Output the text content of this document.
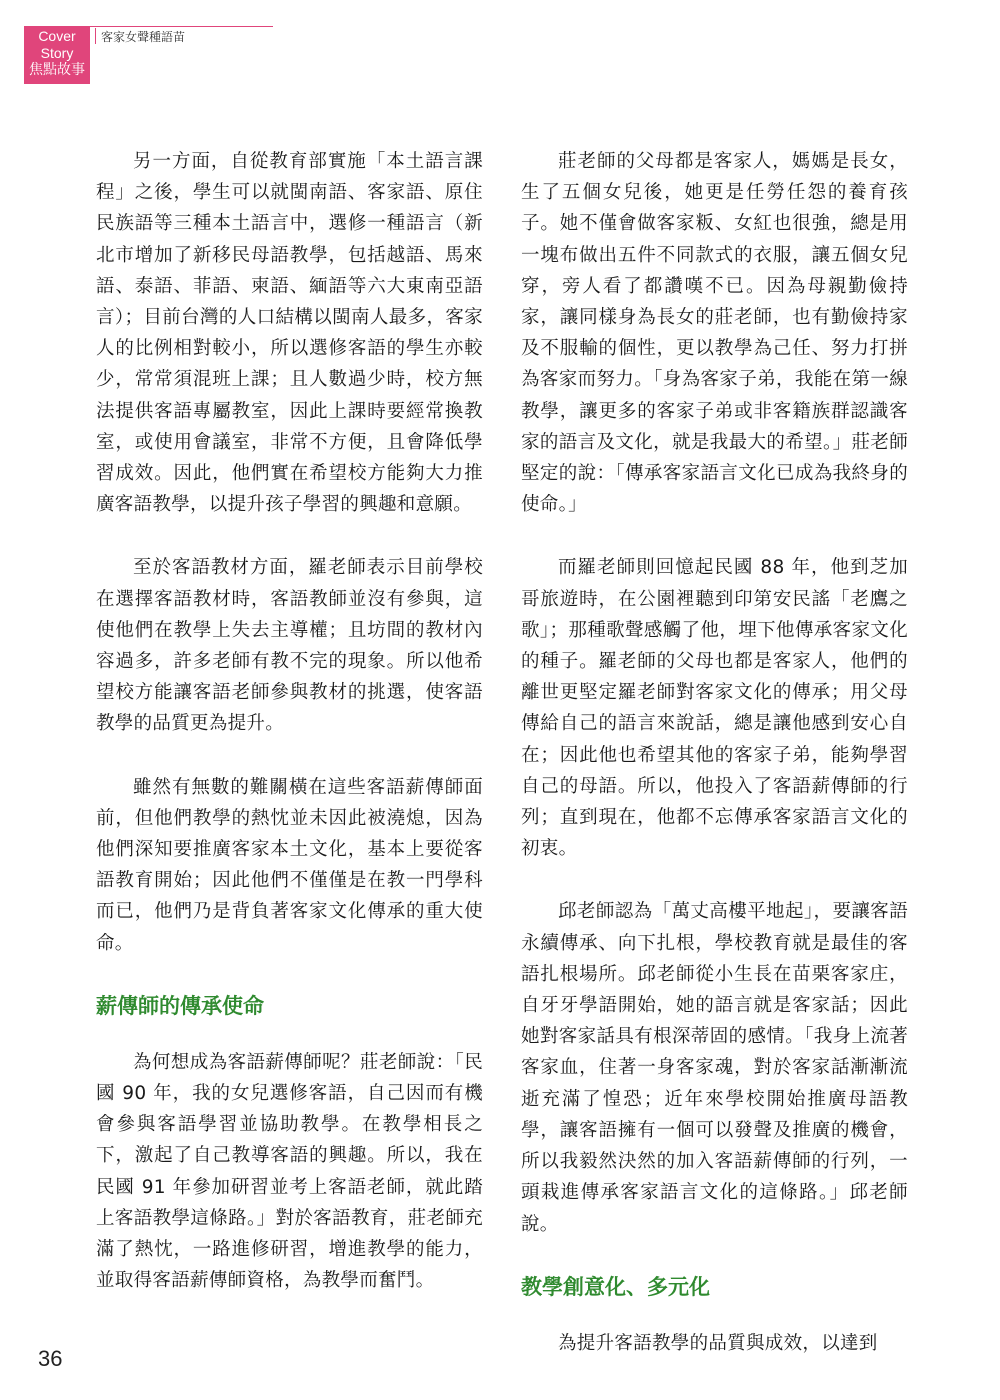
Cover
Story
焦點故事
客家女聲種語苗

另一方面，自從教育部實施「本土語言課程」之後，學生可以就閩南語、客家語、原住民族語等三種本土語言中，選修一種語言（新北市增加了新移民母語教學，包括越語、馬來語、泰語、菲語、柬語、緬語等六大東南亞語言）；目前台灣的人口結構以閩南人最多，客家人的比例相對較小，所以選修客語的學生亦較少，常常須混班上課；且人數過少時，校方無法提供客語專屬教室，因此上課時要經常換教室，或使用會議室，非常不方便，且會降低學習成效。因此，他們實在希望校方能夠大力推廣客語教學，以提升孩子學習的興趣和意願。

至於客語教材方面，羅老師表示目前學校在選擇客語教材時，客語教師並沒有參與，這使他們在教學上失去主導權；且坊間的教材內容過多，許多老師有教不完的現象。所以他希望校方能讓客語老師參與教材的挑選，使客語教學的品質更為提升。

雖然有無數的難關橫在這些客語薪傳師面前，但他們教學的熱忱並未因此被澆熄，因為他們深知要推廣客家本土文化，基本上要從客語教育開始；因此他們不僅僅是在教一門學科而已，他們乃是背負著客家文化傳承的重大使命。

薪傳師的傳承使命

為何想成為客語薪傳師呢？莊老師說：「民國 90 年，我的女兒選修客語，自己因而有機會參與客語學習並協助教學。在教學相長之下，激起了自己教導客語的興趣。所以，我在民國 91 年參加研習並考上客語老師，就此踏上客語教學這條路。」對於客語教育，莊老師充滿了熱忱，一路進修研習，增進教學的能力，並取得客語薪傳師資格，為教學而奮鬥。

莊老師的父母都是客家人，媽媽是長女，生了五個女兒後，她更是任勞任怨的養育孩子。她不僅會做客家粄、女紅也很強，總是用一塊布做出五件不同款式的衣服，讓五個女兒穿，旁人看了都讚嘆不已。因為母親勤儉持家，讓同樣身為長女的莊老師，也有勤儉持家及不服輸的個性，更以教學為己任、努力打拼為客家而努力。「身為客家子弟，我能在第一線教學，讓更多的客家子弟或非客籍族群認識客家的語言及文化，就是我最大的希望。」莊老師堅定的說：「傳承客家語言文化已成為我終身的使命。」

而羅老師則回憶起民國 88 年，他到芝加哥旅遊時，在公園裡聽到印第安民謠「老鷹之歌」；那種歌聲感觸了他，埋下他傳承客家文化的種子。羅老師的父母也都是客家人，他們的離世更堅定羅老師對客家文化的傳承；用父母傳給自己的語言來說話，總是讓他感到安心自在；因此他也希望其他的客家子弟，能夠學習自己的母語。所以，他投入了客語薪傳師的行列；直到現在，他都不忘傳承客家語言文化的初衷。

邱老師認為「萬丈高樓平地起」，要讓客語永續傳承、向下扎根，學校教育就是最佳的客語扎根場所。邱老師從小生長在苗栗客家庄，自牙牙學語開始，她的語言就是客家話；因此她對客家話具有根深蒂固的感情。「我身上流著客家血，住著一身客家魂，對於客家話漸漸流逝充滿了惶恐；近年來學校開始推廣母語教學，讓客語擁有一個可以發聲及推廣的機會，所以我毅然決然的加入客語薪傳師的行列，一頭栽進傳承客家語言文化的這條路。」邱老師說。

教學創意化、多元化

為提升客語教學的品質與成效，以達到

36
